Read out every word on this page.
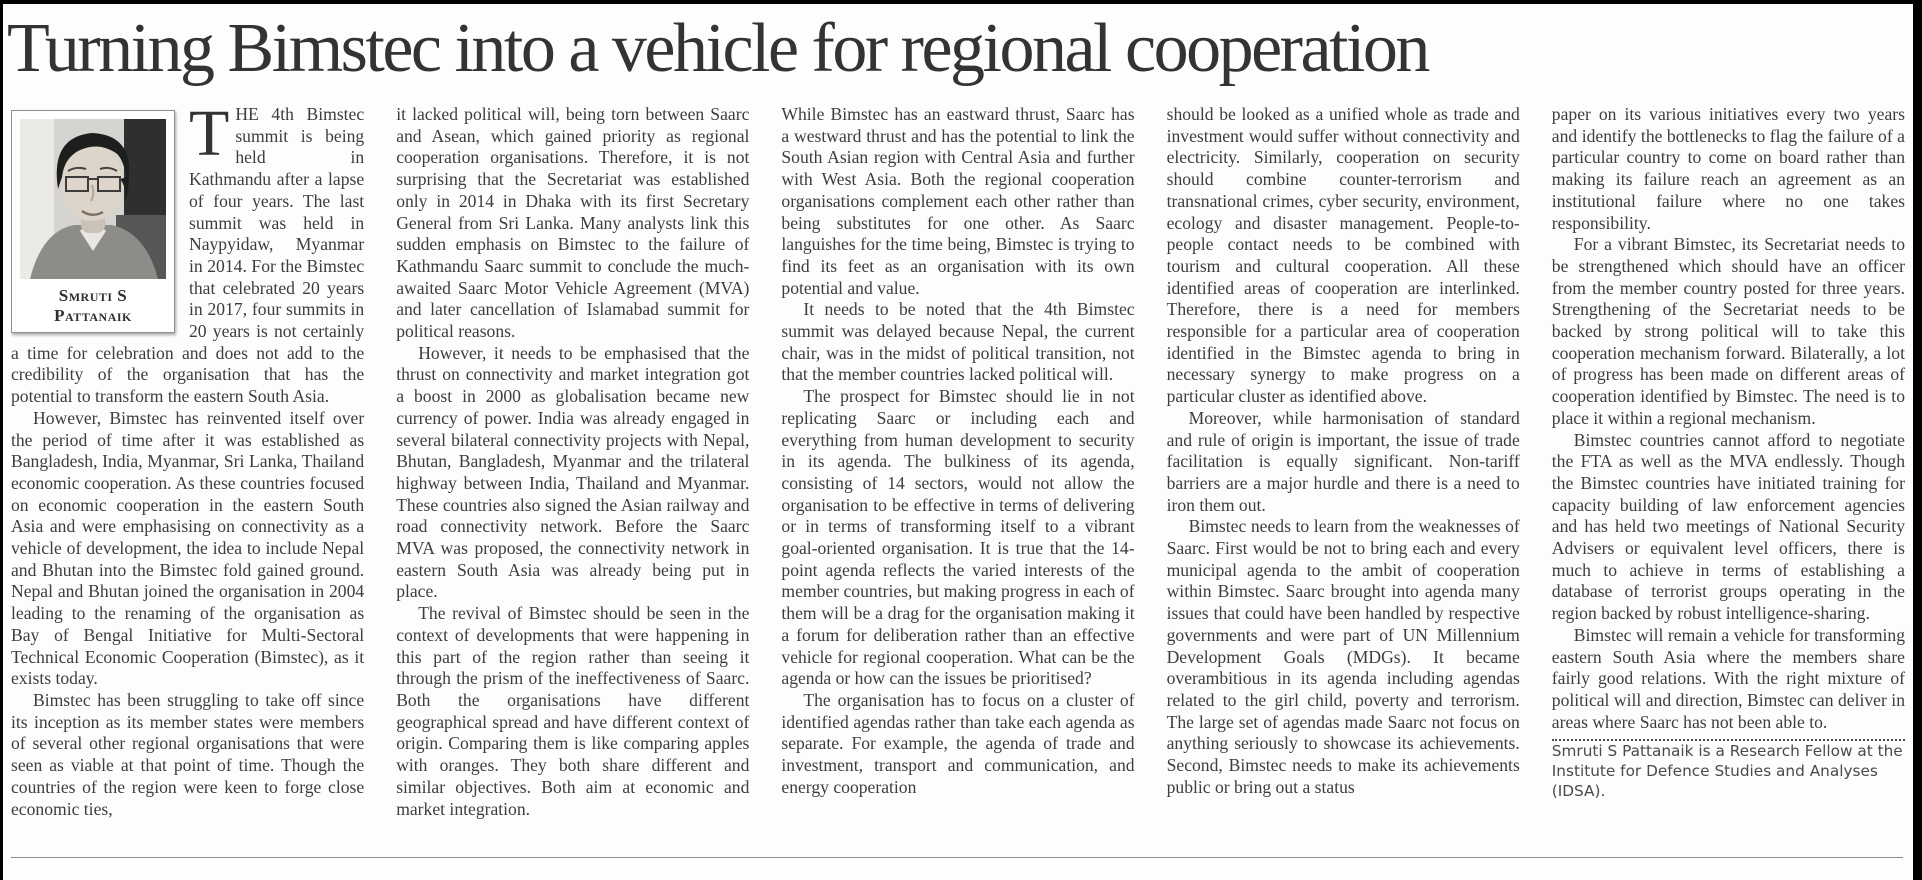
Turning Bimstec into a vehicle for regional cooperation
Smruti S
Pattanaik

THE 4th Bimstec summit is being held in Kathmandu after a lapse of four years. The last summit was held in Naypyidaw, Myanmar in 2014. For the Bimstec that celebrated 20 years in 2017, four summits in 20 years is not certainly a time for celebration and does not add to the credibility of the organisation that has the potential to transform the eastern South Asia.

However, Bimstec has reinvented itself over the period of time after it was established as Bangladesh, India, Myanmar, Sri Lanka, Thailand economic cooperation. As these countries focused on economic cooperation in the eastern South Asia and were emphasising on connectivity as a vehicle of development, the idea to include Nepal and Bhutan into the Bimstec fold gained ground. Nepal and Bhutan joined the organisation in 2004 leading to the renaming of the organisation as Bay of Bengal Initiative for Multi-Sectoral Technical Economic Cooperation (Bimstec), as it exists today.

Bimstec has been struggling to take off since its inception as its member states were members of several other regional organisations that were seen as viable at that point of time. Though the countries of the region were keen to forge close economic ties,

it lacked political will, being torn between Saarc and Asean, which gained priority as regional cooperation organisations. Therefore, it is not surprising that the Secretariat was established only in 2014 in Dhaka with its first Secretary General from Sri Lanka. Many analysts link this sudden emphasis on Bimstec to the failure of Kathmandu Saarc summit to conclude the much-awaited Saarc Motor Vehicle Agreement (MVA) and later cancellation of Islamabad summit for political reasons.

However, it needs to be emphasised that the thrust on connectivity and market integration got a boost in 2000 as globalisation became new currency of power. India was already engaged in several bilateral connectivity projects with Nepal, Bhutan, Bangladesh, Myanmar and the trilateral highway between India, Thailand and Myanmar. These countries also signed the Asian railway and road connectivity network. Before the Saarc MVA was proposed, the connectivity network in eastern South Asia was already being put in place.

The revival of Bimstec should be seen in the context of developments that were happening in this part of the region rather than seeing it through the prism of the ineffectiveness of Saarc. Both the organisations have different geographical spread and have different context of origin. Comparing them is like comparing apples with oranges. They both share different and similar objectives. Both aim at economic and market integration.

While Bimstec has an eastward thrust, Saarc has a westward thrust and has the potential to link the South Asian region with Central Asia and further with West Asia. Both the regional cooperation organisations complement each other rather than being substitutes for one other. As Saarc languishes for the time being, Bimstec is trying to find its feet as an organisation with its own potential and value.

It needs to be noted that the 4th Bimstec summit was delayed because Nepal, the current chair, was in the midst of political transition, not that the member countries lacked political will.

The prospect for Bimstec should lie in not replicating Saarc or including each and everything from human development to security in its agenda. The bulkiness of its agenda, consisting of 14 sectors, would not allow the organisation to be effective in terms of delivering or in terms of transforming itself to a vibrant goal-oriented organisation. It is true that the 14-point agenda reflects the varied interests of the member countries, but making progress in each of them will be a drag for the organisation making it a forum for deliberation rather than an effective vehicle for regional cooperation. What can be the agenda or how can the issues be prioritised?

The organisation has to focus on a cluster of identified agendas rather than take each agenda as separate. For example, the agenda of trade and investment, transport and communication, and energy cooperation

should be looked as a unified whole as trade and investment would suffer without connectivity and electricity. Similarly, cooperation on security should combine counter-terrorism and transnational crimes, cyber security, environment, ecology and disaster management. People-to-people contact needs to be combined with tourism and cultural cooperation. All these identified areas of cooperation are interlinked. Therefore, there is a need for members responsible for a particular area of cooperation identified in the Bimstec agenda to bring in necessary synergy to make progress on a particular cluster as identified above.

Moreover, while harmonisation of standard and rule of origin is important, the issue of trade facilitation is equally significant. Non-tariff barriers are a major hurdle and there is a need to iron them out.

Bimstec needs to learn from the weaknesses of Saarc. First would be not to bring each and every municipal agenda to the ambit of cooperation within Bimstec. Saarc brought into agenda many issues that could have been handled by respective governments and were part of UN Millennium Development Goals (MDGs). It became overambitious in its agenda including agendas related to the girl child, poverty and terrorism. The large set of agendas made Saarc not focus on anything seriously to showcase its achievements. Second, Bimstec needs to make its achievements public or bring out a status

paper on its various initiatives every two years and identify the bottlenecks to flag the failure of a particular country to come on board rather than making its failure reach an agreement as an institutional failure where no one takes responsibility.

For a vibrant Bimstec, its Secretariat needs to be strengthened which should have an officer from the member country posted for three years. Strengthening of the Secretariat needs to be backed by strong political will to take this cooperation mechanism forward. Bilaterally, a lot of progress has been made on different areas of cooperation identified by Bimstec. The need is to place it within a regional mechanism.

Bimstec countries cannot afford to negotiate the FTA as well as the MVA endlessly. Though the Bimstec countries have initiated training for capacity building of law enforcement agencies and has held two meetings of National Security Advisers or equivalent level officers, there is much to achieve in terms of establishing a database of terrorist groups operating in the region backed by robust intelligence-sharing.

Bimstec will remain a vehicle for transforming eastern South Asia where the members share fairly good relations. With the right mixture of political will and direction, Bimstec can deliver in areas where Saarc has not been able to.

Smruti S Pattanaik is a Research Fellow at the Institute for Defence Studies and Analyses (IDSA).
